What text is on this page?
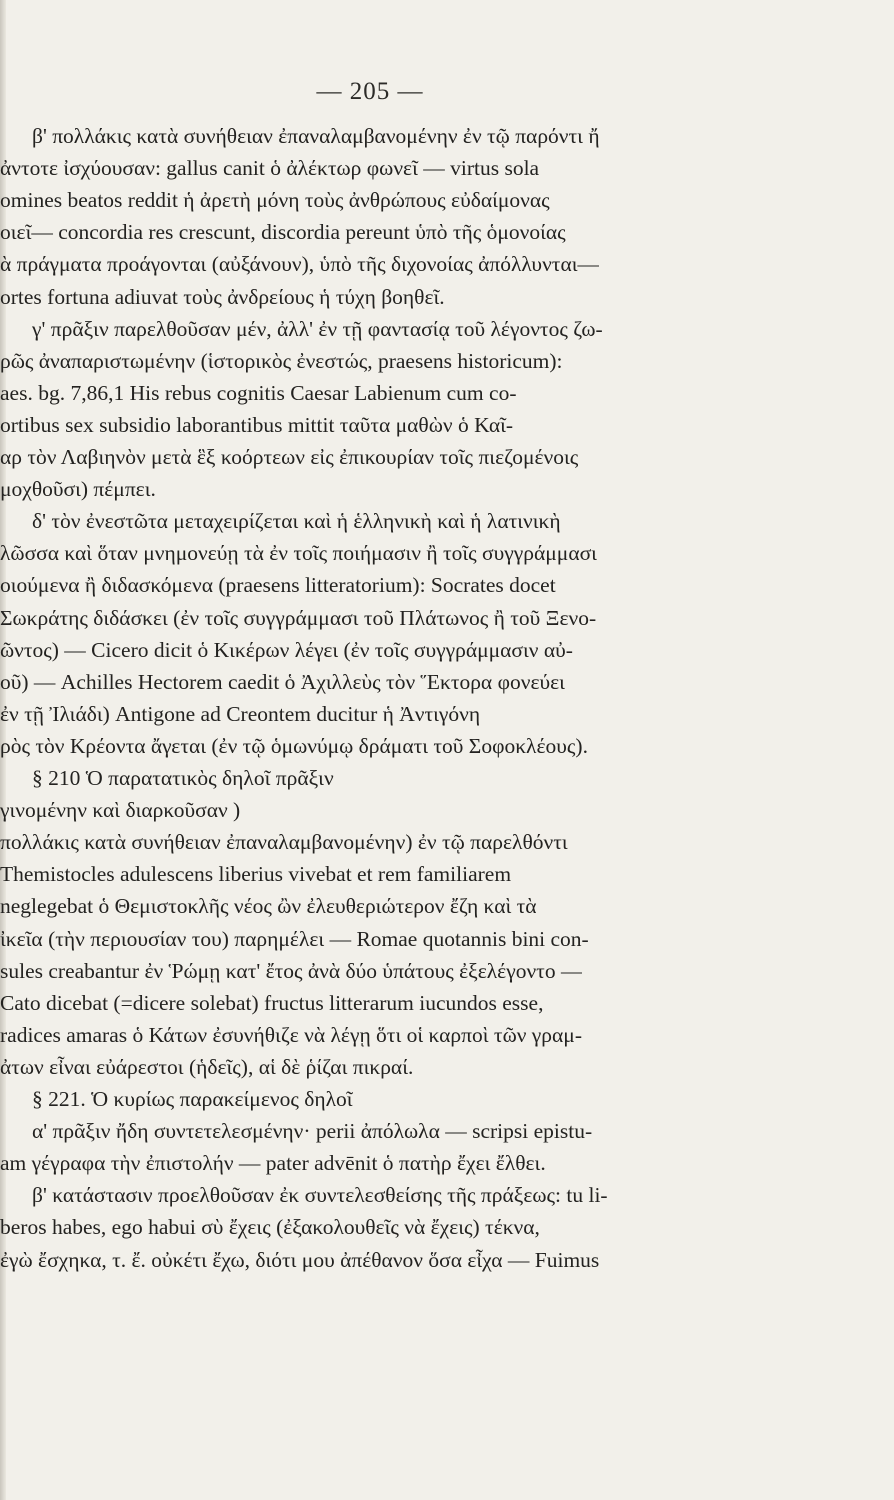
— 205 —
β' πολλάκις κατὰ συνήθειαν ἐπαναλαμβανομένην ἐν τῷ παρόντι ἤ
ἀντοτε ἰσχύουσαν: gallus canit ὁ ἀλέκτωρ φωνεῖ — virtus sola
omines beatos reddit ἡ ἀρετὴ μόνη τοὺς ἀνθρώπους εὐδαίμονας
οιεῖ— concordia res crescunt, discordia pereunt ὑπὸ τῆς ὁμονοίας
ὰ πράγματα προάγονται (αὐξάνουν), ὑπὸ τῆς διχονοίας ἀπόλλυνται—
ortes fortuna adiuvat τοὺς ἀνδρείους ἡ τύχη βοηθεῖ.
γ' πρᾶξιν παρελθοῦσαν μέν, ἀλλ' ἐν τῇ φαντασίᾳ τοῦ λέγοντος ζω-
ρῶς ἀναπαριστωμένην (ἱστορικὸς ἐνεστώς, praesens historicum):
aes. bg. 7,86,1 His rebus cognitis Caesar Labienum cum co-
ortibus sex subsidio laborantibus mittit ταῦτα μαθὼν ὁ Καῖ-
αρ τὸν Λαβιηνὸν μετὰ ἓξ κοόρτεων εἰς ἐπικουρίαν τοῖς πιεζομένοις
μοχθοῦσι) πέμπει.
δ' τὸν ἐνεστῶτα μεταχειρίζεται καὶ ἡ ἑλληνικὴ καὶ ἡ λατινικὴ
λῶσσα καὶ ὅταν μνημονεύῃ τὰ ἐν τοῖς ποιήμασιν ἢ τοῖς συγγράμμασι
οιούμενα ἢ διδασκόμενα (praesens litteratorium): Socrates docet
Σωκράτης διδάσκει (ἐν τοῖς συγγράμμασι τοῦ Πλάτωνος ἢ τοῦ Ξενο-
ῶντος) — Cicero dicit ὁ Κικέρων λέγει (ἐν τοῖς συγγράμμασιν αὐ-
οῦ) — Achilles Hectorem caedit ὁ Ἀχιλλεὺς τὸν Ἕκτορα φονεύει
ἐν τῇ Ἰλιάδι) Antigone ad Creontem ducitur ἡ Ἀντιγόνη
ρὸς τὸν Κρέοντα ἄγεται (ἐν τῷ ὁμωνύμῳ δράματι τοῦ Σοφοκλέους).
§ 210 Ὁ παρατατικὸς δηλοῖ πρᾶξιν
γινομένην καὶ διαρκοῦσαν )
πολλάκις κατὰ συνήθειαν ἐπαναλαμβανομένην) ἐν τῷ παρελθόντι
Themistocles adulescens liberius vivebat et rem familiarem
neglegebat ὁ Θεμιστοκλῆς νέος ὢν ἐλευθεριώτερον ἔζη καὶ τὰ
ἰκεῖα (τὴν περιουσίαν του) παρημέλει — Romae quotannis bini con-
sules creabantur ἐν Ῥώμῃ κατ' ἔτος ἀνὰ δύο ὑπάτους ἐξελέγοντο —
Cato dicebat (=dicere solebat) fructus litterarum iucundos esse,
radices amaras ὁ Κάτων ἐσυνήθιζε νὰ λέγῃ ὅτι οἱ καρποὶ τῶν γραμ-
ἀτων εἶναι εὐάρεστοι (ἡδεῖς), αἱ δὲ ῥίζαι πικραί.
§ 221. Ὁ κυρίως παρακείμενος δηλοῖ
α' πρᾶξιν ἤδη συντετελεσμένην· perii ἀπόλωλα — scripsi epistu-
am γέγραφα τὴν ἐπιστολήν — pater advēnit ὁ πατὴρ ἔχει ἔλθει.
β' κατάστασιν προελθοῦσαν ἐκ συντελεσθείσης τῆς πράξεως: tu li-
beros habes, ego habui σὺ ἔχεις (ἐξακολουθεῖς νὰ ἔχεις) τέκνα,
ἐγὼ ἔσχηκα, τ. ἔ. οὐκέτι ἔχω, διότι μου ἀπέθανον ὅσα εἶχα — Fuimus
